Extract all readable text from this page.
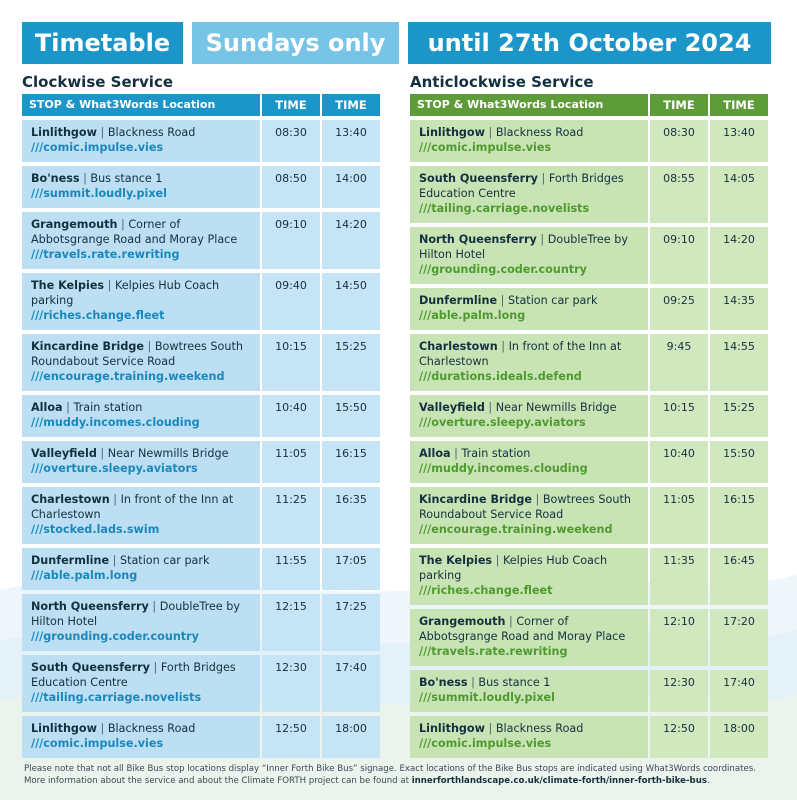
Timetable	Sundays only	until 27th October 2024
Clockwise Service
STOP & What3Words Location	TIME	TIME
Linlithgow | Blackness Road
///comic.impulse.vies
08:30	13:40
Bo'ness | Bus stance 1
///summit.loudly.pixel
08:50	14:00
Grangemouth | Corner of Abbotsgrange Road and Moray Place
///travels.rate.rewriting
09:10	14:20
The Kelpies | Kelpies Hub Coach parking
///riches.change.fleet
09:40	14:50
Kincardine Bridge | Bowtrees South Roundabout Service Road
///encourage.training.weekend
10:15	15:25
Alloa | Train station
///muddy.incomes.clouding
10:40	15:50
Valleyfield | Near Newmills Bridge
///overture.sleepy.aviators
11:05	16:15
Charlestown | In front of the Inn at Charlestown
///stocked.lads.swim
11:25	16:35
Dunfermline | Station car park
///able.palm.long
11:55	17:05
North Queensferry | DoubleTree by Hilton Hotel
///grounding.coder.country
12:15	17:25
South Queensferry | Forth Bridges Education Centre
///tailing.carriage.novelists
12:30	17:40
Linlithgow | Blackness Road
///comic.impulse.vies
12:50	18:00
Anticlockwise Service
STOP & What3Words Location	TIME	TIME
Linlithgow | Blackness Road
///comic.impulse.vies
08:30	13:40
South Queensferry | Forth Bridges Education Centre
///tailing.carriage.novelists
08:55	14:05
North Queensferry | DoubleTree by Hilton Hotel
///grounding.coder.country
09:10	14:20
Dunfermline | Station car park
///able.palm.long
09:25	14:35
Charlestown | In front of the Inn at Charlestown
///durations.ideals.defend
9:45	14:55
Valleyfield | Near Newmills Bridge
///overture.sleepy.aviators
10:15	15:25
Alloa | Train station
///muddy.incomes.clouding
10:40	15:50
Kincardine Bridge | Bowtrees South Roundabout Service Road
///encourage.training.weekend
11:05	16:15
The Kelpies | Kelpies Hub Coach parking
///riches.change.fleet
11:35	16:45
Grangemouth | Corner of Abbotsgrange Road and Moray Place
///travels.rate.rewriting
12:10	17:20
Bo'ness | Bus stance 1
///summit.loudly.pixel
12:30	17:40
Linlithgow | Blackness Road
///comic.impulse.vies
12:50	18:00
Please note that not all Bike Bus stop locations display “Inner Forth Bike Bus” signage. Exact locations of the Bike Bus stops are indicated using What3Words coordinates.
More information about the service and about the Climate FORTH project can be found at innerforthlandscape.co.uk/climate-forth/inner-forth-bike-bus.
